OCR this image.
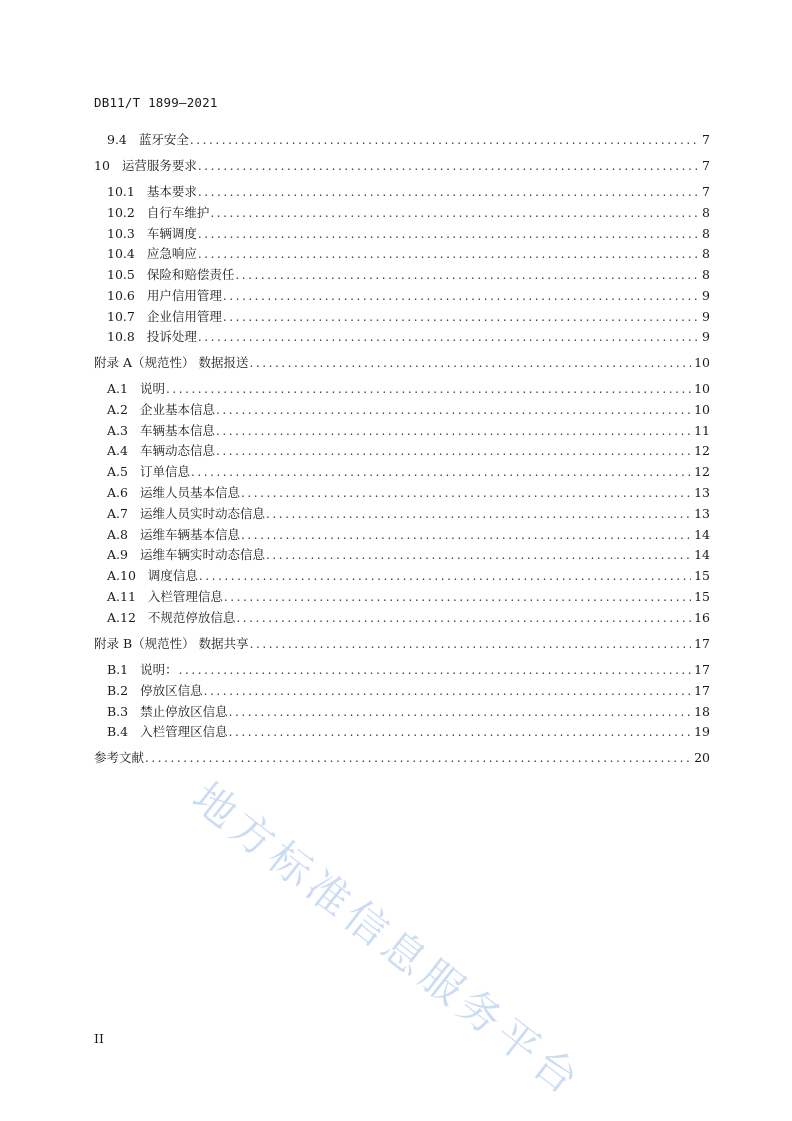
DB11/T 1899—2021
9.4 蓝牙安全 .....	7
10 运营服务要求 .....	7
10.1 基本要求 .....	7
10.2 自行车维护 .....	8
10.3 车辆调度 .....	8
10.4 应急响应 .....	8
10.5 保险和赔偿责任 .....	8
10.6 用户信用管理 .....	9
10.7 企业信用管理 .....	9
10.8 投诉处理 .....	9
附录 A（规范性） 数据报送 .....	10
A.1 说明 .....	10
A.2 企业基本信息 .....	10
A.3 车辆基本信息 .....	11
A.4 车辆动态信息 .....	12
A.5 订单信息 .....	12
A.6 运维人员基本信息 .....	13
A.7 运维人员实时动态信息 .....	13
A.8 运维车辆基本信息 .....	14
A.9 运维车辆实时动态信息 .....	14
A.10 调度信息 .....	15
A.11 入栏管理信息 .....	15
A.12 不规范停放信息 .....	16
附录 B（规范性） 数据共享 .....	17
B.1 说明： .....	17
B.2 停放区信息 .....	17
B.3 禁止停放区信息 .....	18
B.4 入栏管理区信息 .....	19
参考文献 .....	20
II 地方标准信息服务平台
